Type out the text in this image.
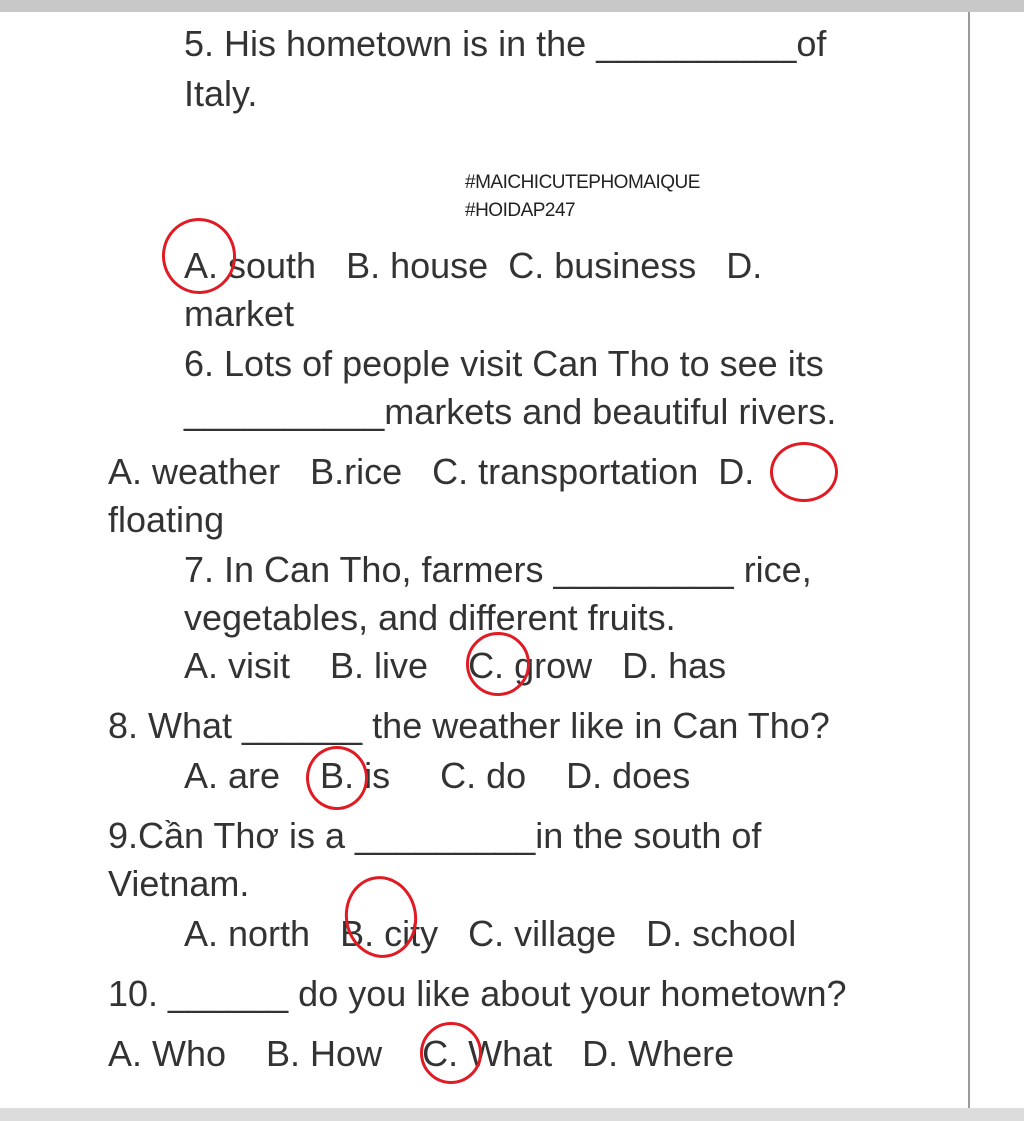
5. His hometown is in the __________of
Italy.
#MAICHICUTEPHOMAIQUE
#HOIDAP247
A. south   B. house  C. business   D.
market
6. Lots of people visit Can Tho to see its
__________markets and beautiful rivers.
A. weather   B.rice   C. transportation  D.
floating
7. In Can Tho, farmers _________ rice,
vegetables, and different fruits.
A. visit    B. live    C. grow   D. has
8. What ______ the weather like in Can Tho?
A. are    B. is     C. do    D. does
9.Cần Thơ is a _________in the south of
Vietnam.
A. north   B. city   C. village   D. school
10. ______ do you like about your hometown?
A. Who    B. How    C. What   D. Where
